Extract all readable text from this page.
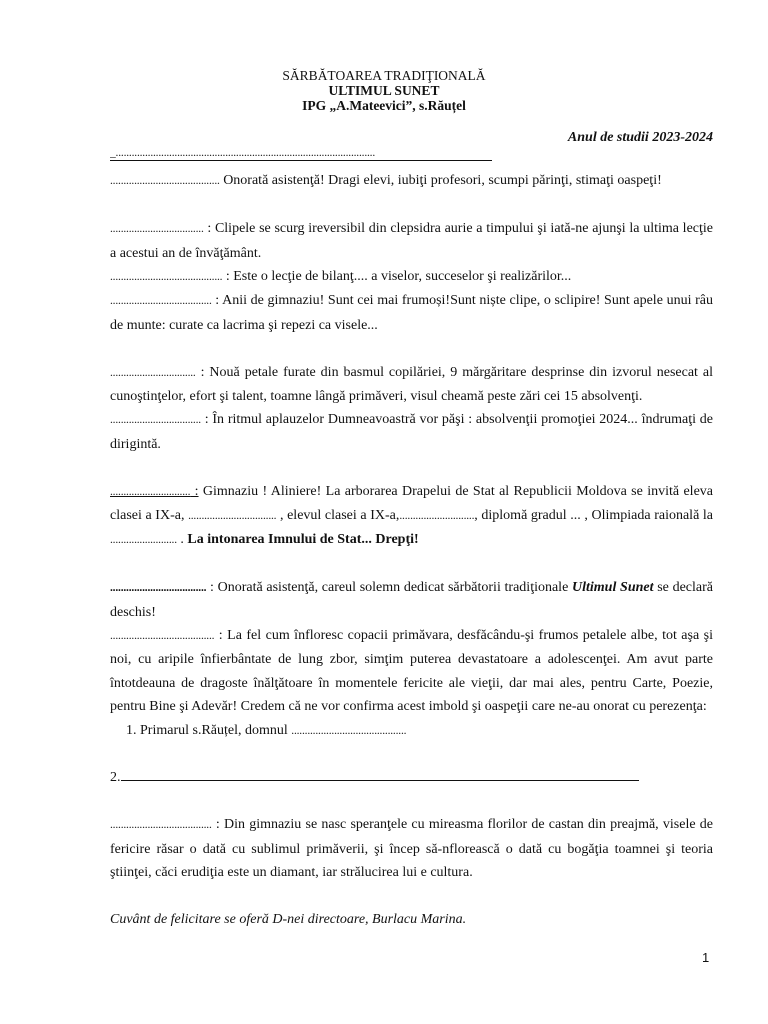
SĂRBĂTOAREA TRADIŢIONALĂ
ULTIMUL SUNET
IPG „A.Mateevici”, s.Răuțel
Anul de studii 2023-2024

_.................................................................................................

......................................... Onorată asistenţă! Dragi elevi, iubiţi profesori, scumpi părinţi, stimaţi oaspeţi!

................................... : Clipele se scurg ireversibil din clepsidra aurie a timpului şi iată-ne ajunşi la ultima lecţie a acestui an de învăţământ.

.......................................... : Este o lecţie de bilanţ.... a viselor, succeselor şi realizărilor...

...................................... : Anii de gimnaziu! Sunt cei mai frumoși!Sunt niște clipe, o sclipire! Sunt apele unui râu de munte: curate ca lacrima şi repezi ca visele...

................................ : Nouă petale furate din basmul copilăriei, 9 mărgăritare desprinse din izvorul nesecat al cunoştinţelor, efort şi talent, toamne lângă primăveri, visul cheamă peste zări cei 15 absolvenţi.

.................................. : În ritmul aplauzelor Dumneavoastră vor păşi : absolvenţii promoţiei 2024... îndrumaţi de dirigintă.

.............................. : Gimnaziu ! Aliniere! La arborarea Drapelui de Stat al Republicii Moldova se invită eleva clasei a IX-a, ................................. , elevul clasei a IX-a,............................, diplomă gradul ... , Olimpiada raională la ......................... . La intonarea Imnului de Stat... Drepţi!

.................................... : Onorată asistenţă, careul solemn dedicat sărbătorii tradiţionale Ultimul Sunet se declară deschis!

....................................... : La fel cum înfloresc copacii primăvara, desfăcându-şi frumos petalele albe, tot aşa şi noi, cu aripile înfierbântate de lung zbor, simţim puterea devastatoare a adolescenţei. Am avut parte întotdeauna de dragoste înălţătoare în momentele fericite ale vieţii, dar mai ales, pentru Carte, Poezie, pentru Bine şi Adevăr! Credem că ne vor confirma acest imbold şi oaspeţii care ne-au onorat cu perezenţa:

1. Primarul s.Răuțel, domnul ...........................................

2.

...................................... : Din gimnaziu se nasc speranţele cu mireasma florilor de castan din preajmă, visele de fericire răsar o dată cu sublimul primăverii, şi încep să-nflorească o dată cu bogăţia toamnei şi teoria ştiinţei, căci erudiţia este un diamant, iar strălucirea lui e cultura.

Cuvânt de felicitare se oferă D-nei directoare, Burlacu Marina.

1
